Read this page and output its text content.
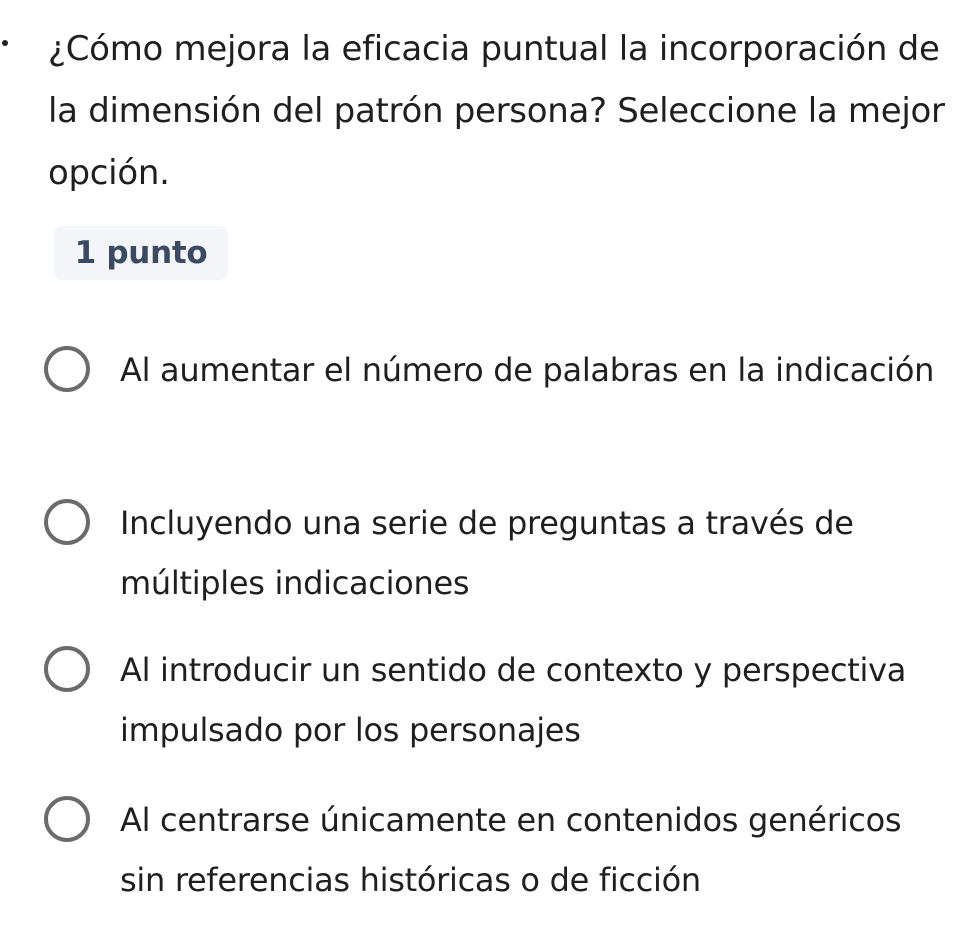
¿Cómo mejora la eficacia puntual la incorporación de la dimensión del patrón persona? Seleccione la mejor opción.

1 punto
Al aumentar el número de palabras en la indicación
Incluyendo una serie de preguntas a través de múltiples indicaciones
Al introducir un sentido de contexto y perspectiva impulsado por los personajes
Al centrarse únicamente en contenidos genéricos sin referencias históricas o de ficción
